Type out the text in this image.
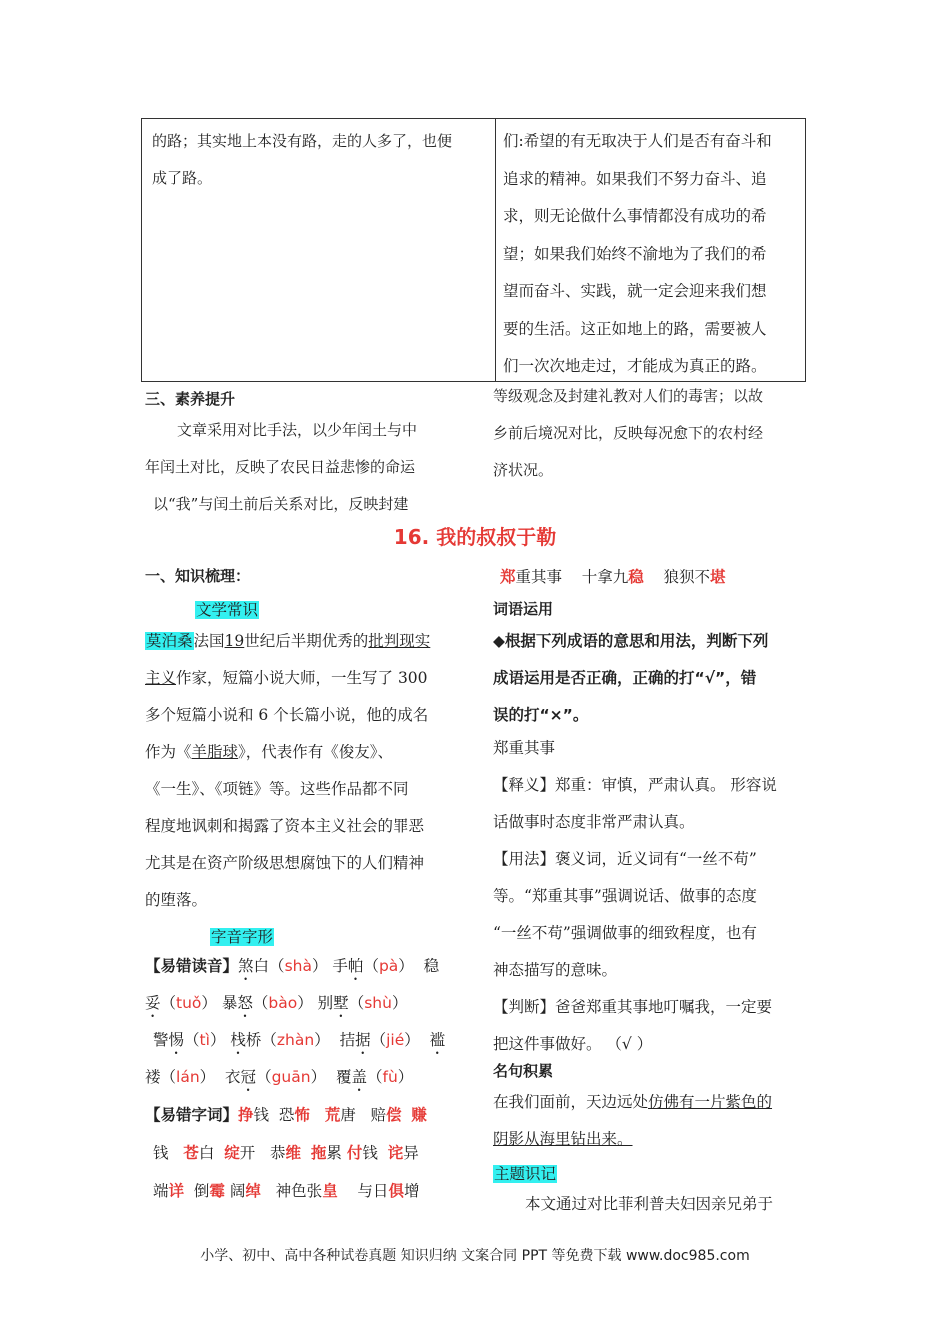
的路；其实地上本没有路，走的人多了，也便
成了路。
们:希望的有无取决于人们是否有奋斗和
追求的精神。如果我们不努力奋斗、追
求，则无论做什么事情都没有成功的希
望；如果我们始终不渝地为了我们的希
望而奋斗、实践，就一定会迎来我们想
要的生活。这正如地上的路，需要被人
们一次次地走过，才能成为真正的路。
三、素养提升
文章采用对比手法，以少年闰土与中
年闰土对比，反映了农民日益悲惨的命运
以“我”与闰土前后关系对比，反映封建
等级观念及封建礼教对人们的毒害；以故
乡前后境况对比，反映每况愈下的农村经
济状况。
16. 我的叔叔于勒
一、知识梳理：
文学常识
莫泊桑法国19世纪后半期优秀的批判现实
主义作家，短篇小说大师，一生写了 300
多个短篇小说和 6 个长篇小说，他的成名
作为《羊脂球》，代表作有《俊友》、
《一生》、《项链》等。这些作品都不同
程度地讽刺和揭露了资本主义社会的罪恶
尤其是在资产阶级思想腐蚀下的人们精神
的堕落。
字音字形
【易错读音】煞白（shà） 手帕（pà）  稳
妥（tuǒ） 暴怒（bào） 别墅（shù）
警惕（tì） 栈桥（zhàn）  拮据（jié）  褴
褛（lán）  衣冠（guān）  覆盖（fù）
【易错字词】挣钱 恐怖 荒唐 赔偿 赚
钱 苍白 绽开 恭维 拖累 付钱 诧异
端详 倒霉 阔绰 神色张皇 与日俱增
郑重其事 十拿九稳 狼狈不堪
词语运用
◆根据下列成语的意思和用法，判断下列
成语运用是否正确，正确的打“√”，错
误的打“×”。
郑重其事
【释义】郑重：审慎，严肃认真。 形容说
话做事时态度非常严肃认真。
【用法】褒义词，近义词有“一丝不苟”
等。“郑重其事”强调说话、做事的态度
“一丝不苟”强调做事的细致程度，也有
神态描写的意味。
【判断】爸爸郑重其事地叮嘱我，一定要
把这件事做好。 （√ ）
名句积累
在我们面前，天边远处仿佛有一片紫色的
阴影从海里钻出来。
主题识记
本文通过对比菲利普夫妇因亲兄弟于
小学、初中、高中各种试卷真题 知识归纳 文案合同 PPT 等免费下载 www.doc985.com
